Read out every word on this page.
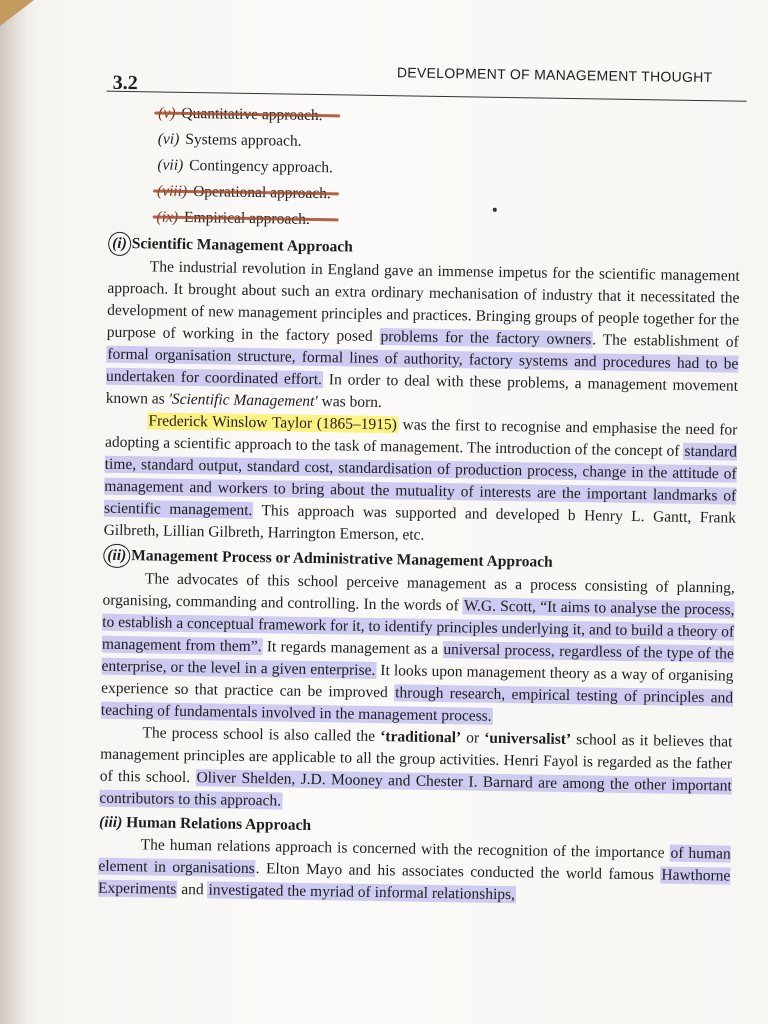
3.2	DEVELOPMENT OF MANAGEMENT THOUGHT
(vi) Systems approach.
(vii) Contingency approach.
(i) Scientific Management Approach

The industrial revolution in England gave an immense impetus for the scientific management approach. It brought about such an extra ordinary mechanisation of industry that it necessitated the development of new management principles and practices. Bringing groups of people together for the purpose of working in the factory posed problems for the factory owners. The establishment of formal organisation structure, formal lines of authority, factory systems and procedures had to be undertaken for coordinated effort. In order to deal with these problems, a management movement known as 'Scientific Management' was born.

Frederick Winslow Taylor (1865–1915) was the first to recognise and emphasise the need for adopting a scientific approach to the task of management. The introduction of the concept of standard time, standard output, standard cost, standardisation of production process, change in the attitude of management and workers to bring about the mutuality of interests are the important landmarks of scientific management. This approach was supported and developed b Henry L. Gantt, Frank Gilbreth, Lillian Gilbreth, Harrington Emerson, etc.

(ii) Management Process or Administrative Management Approach

The advocates of this school perceive management as a process consisting of planning, organising, commanding and controlling. In the words of W.G. Scott, “It aims to analyse the process, to establish a conceptual framework for it, to identify principles underlying it, and to build a theory of management from them”. It regards management as a universal process, regardless of the type of the enterprise, or the level in a given enterprise. It looks upon management theory as a way of organising experience so that practice can be improved through research, empirical testing of principles and teaching of fundamentals involved in the management process.

The process school is also called the ‘traditional’ or ‘universalist’ school as it believes that management principles are applicable to all the group activities. Henri Fayol is regarded as the father of this school. Oliver Shelden, J.D. Mooney and Chester I. Barnard are among the other important contributors to this approach.

(iii) Human Relations Approach

The human relations approach is concerned with the recognition of the importance of human element in organisations. Elton Mayo and his associates conducted the world famous Hawthorne Experiments and investigated the myriad of informal relationships,
